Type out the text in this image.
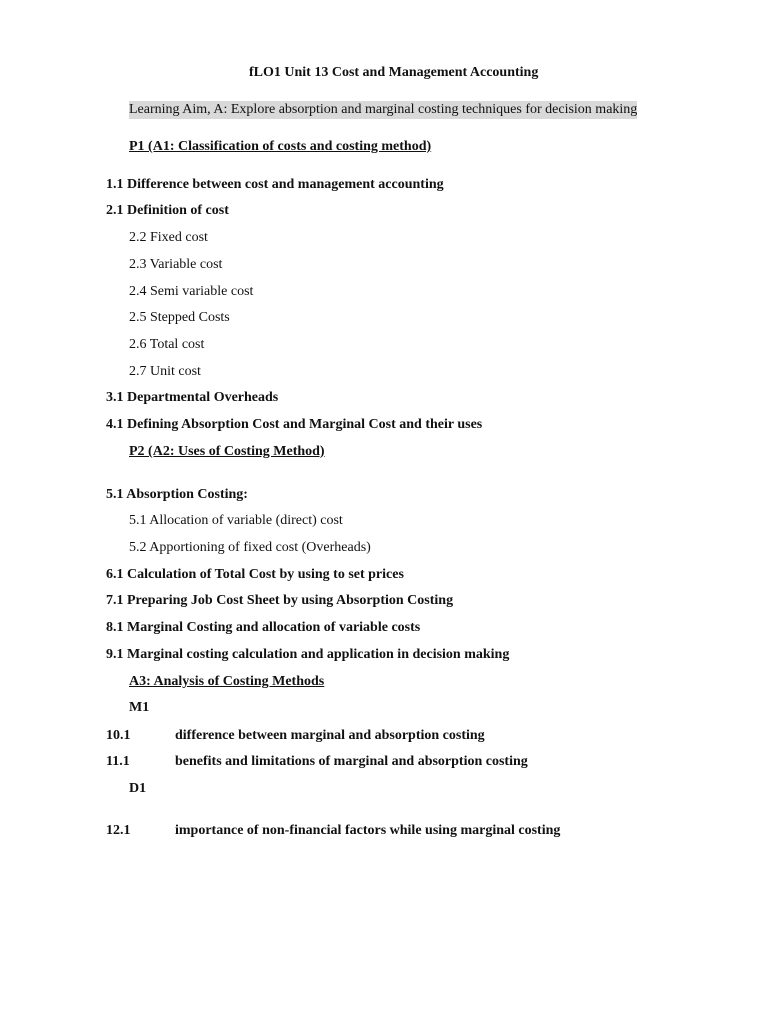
fLO1 Unit 13 Cost and Management Accounting
Learning Aim, A: Explore absorption and marginal costing techniques for decision making
P1 (A1: Classification of costs and costing method)
1.1 Difference between cost and management accounting
2.1 Definition of cost
2.2 Fixed cost
2.3 Variable cost
2.4 Semi variable cost
2.5 Stepped Costs
2.6 Total cost
2.7 Unit cost
3.1 Departmental Overheads
4.1 Defining Absorption Cost and Marginal Cost and their uses
P2 (A2: Uses of Costing Method)
5.1 Absorption Costing:
5.1 Allocation of variable (direct) cost
5.2 Apportioning of fixed cost (Overheads)
6.1 Calculation of Total Cost by using to set prices
7.1 Preparing Job Cost Sheet by using Absorption Costing
8.1 Marginal Costing and allocation of variable costs
9.1 Marginal costing calculation and application in decision making
A3: Analysis of Costing Methods
M1
10.1	difference between marginal and absorption costing
11.1	benefits and limitations of marginal and absorption costing
D1
12.1	importance of non-financial factors while using marginal costing
